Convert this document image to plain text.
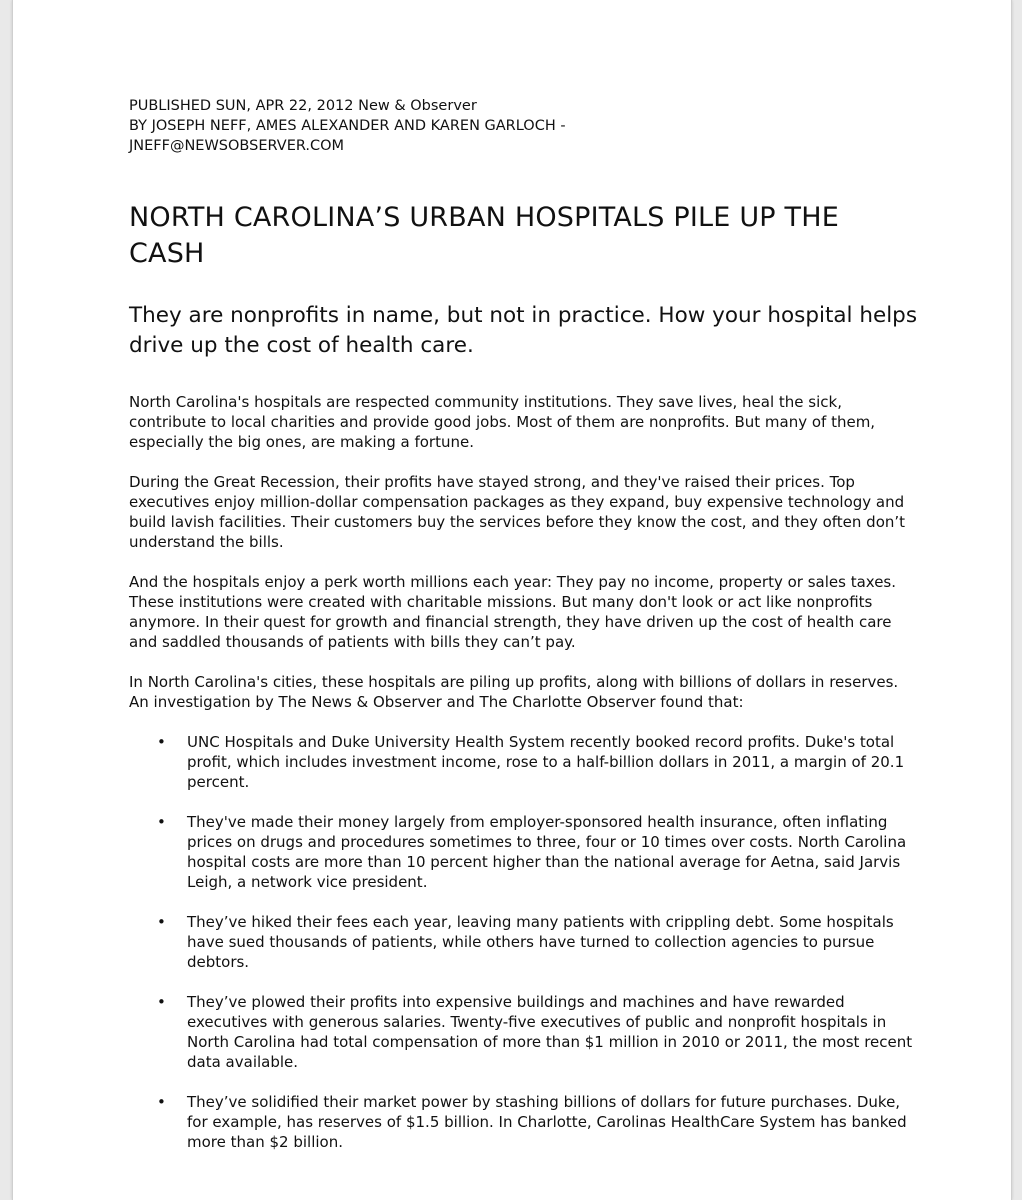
PUBLISHED SUN, APR 22, 2012 New & Observer

BY JOSEPH NEFF, AMES ALEXANDER AND KAREN GARLOCH -

JNEFF@NEWSOBSERVER.COM

NORTH CAROLINA’S URBAN HOSPITALS PILE UP THE CASH
They are nonprofits in name, but not in practice. How your hospital helps drive up the cost of health care.

North Carolina's hospitals are respected community institutions. They save lives, heal the sick, contribute to local charities and provide good jobs. Most of them are nonprofits. But many of them, especially the big ones, are making a fortune.

During the Great Recession, their profits have stayed strong, and they've raised their prices. Top executives enjoy million-dollar compensation packages as they expand, buy expensive technology and build lavish facilities. Their customers buy the services before they know the cost, and they often don’t understand the bills.

And the hospitals enjoy a perk worth millions each year: They pay no income, property or sales taxes. These institutions were created with charitable missions. But many don't look or act like nonprofits anymore. In their quest for growth and financial strength, they have driven up the cost of health care and saddled thousands of patients with bills they can’t pay.

In North Carolina's cities, these hospitals are piling up profits, along with billions of dollars in reserves. An investigation by The News & Observer and The Charlotte Observer found that:

• UNC Hospitals and Duke University Health System recently booked record profits. Duke's total profit, which includes investment income, rose to a half-billion dollars in 2011, a margin of 20.1 percent.
• They've made their money largely from employer-sponsored health insurance, often inflating prices on drugs and procedures sometimes to three, four or 10 times over costs. North Carolina hospital costs are more than 10 percent higher than the national average for Aetna, said Jarvis Leigh, a network vice president.
• They’ve hiked their fees each year, leaving many patients with crippling debt. Some hospitals have sued thousands of patients, while others have turned to collection agencies to pursue debtors.
• They’ve plowed their profits into expensive buildings and machines and have rewarded executives with generous salaries. Twenty-five executives of public and nonprofit hospitals in North Carolina had total compensation of more than $1 million in 2010 or 2011, the most recent data available.
• They’ve solidified their market power by stashing billions of dollars for future purchases. Duke, for example, has reserves of $1.5 billion. In Charlotte, Carolinas HealthCare System has banked more than $2 billion.
